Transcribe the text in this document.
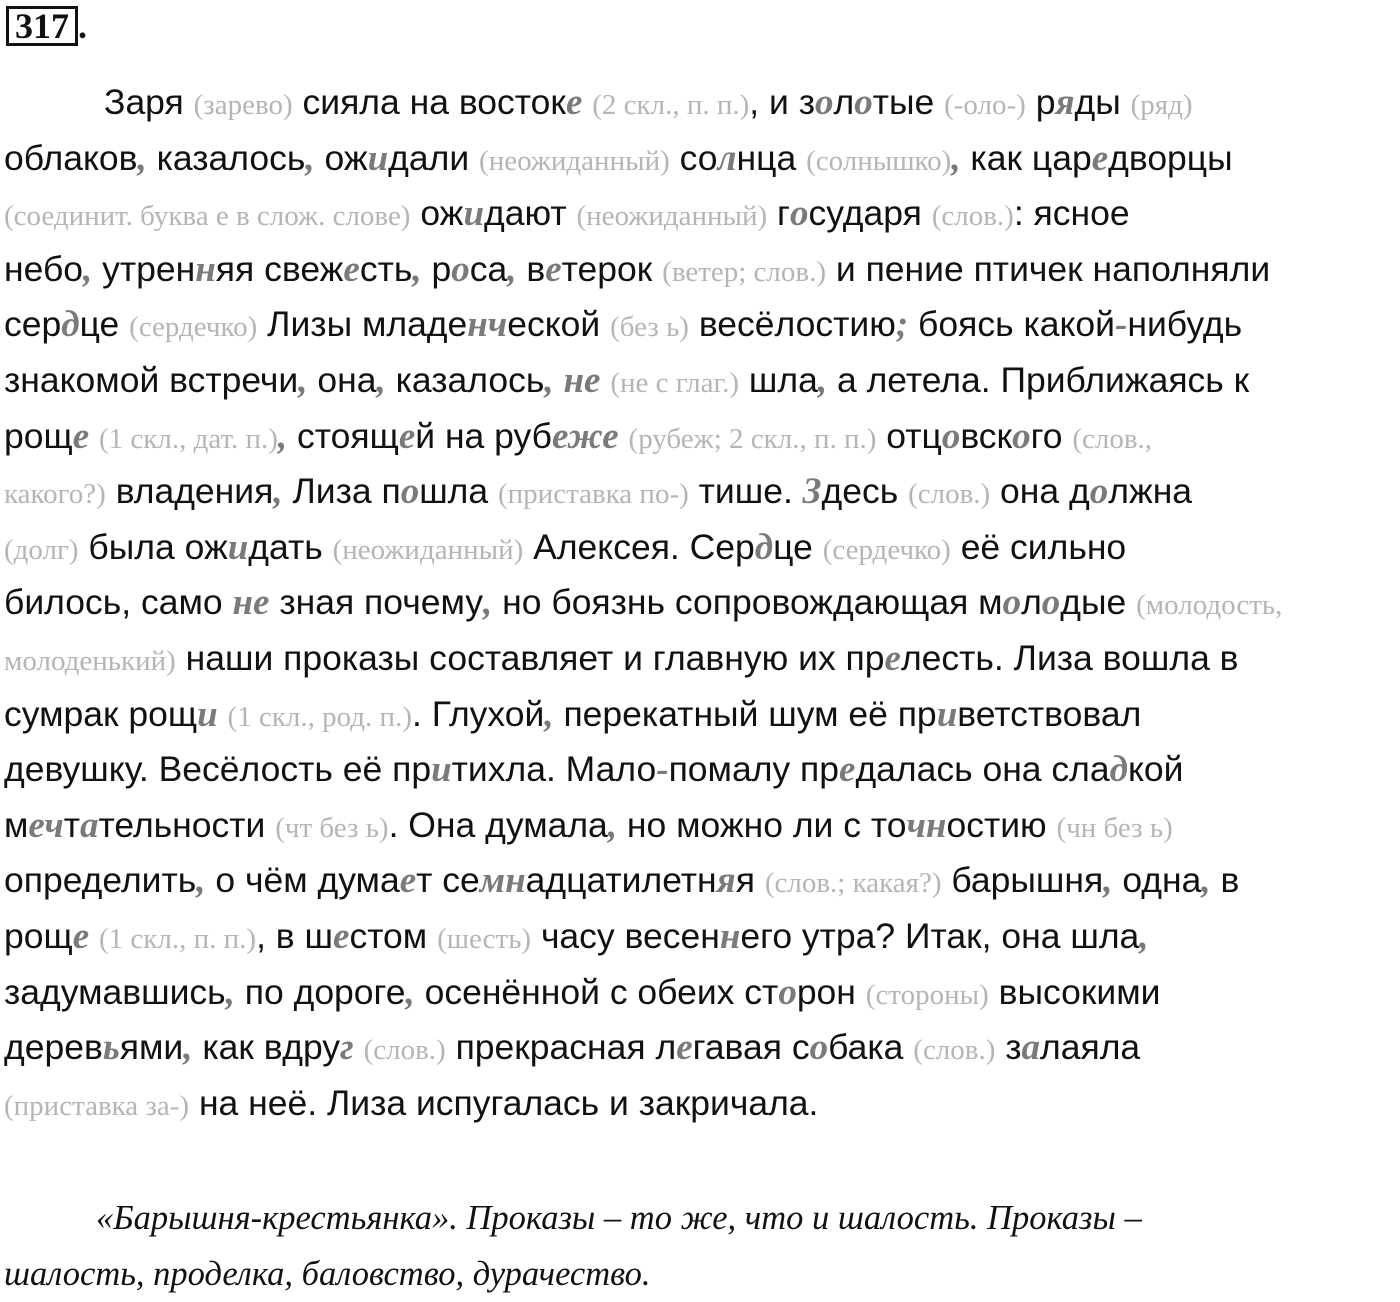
317 .
Заря (зарево) сияла на востоке (2 скл., п. п.), и золотые (-оло-) ряды (ряд)
облаков, казалось, ожидали (неожиданный) солнца (солнышко), как царедворцы
(соединит. буква е в слож. слове) ожидают (неожиданный) государя (слов.): ясное
небо, утренняя свежесть, роса, ветерок (ветер; слов.) и пение птичек наполняли
сердце (сердечко) Лизы младенческой (без ь) весёлостию; боясь какой-нибудь
знакомой встречи, она, казалось, не (не с глаг.) шла, а летела. Приближаясь к
роще (1 скл., дат. п.), стоящей на рубеже (рубеж; 2 скл., п. п.) отцовского (слов.,
какого?) владения, Лиза пошла (приставка по-) тише. Здесь (слов.) она должна
(долг) была ожидать (неожиданный) Алексея. Сердце (сердечко) её сильно
билось, само не зная почему, но боязнь сопровождающая молодые (молодость,
молоденький) наши проказы составляет и главную их прелесть. Лиза вошла в
сумрак рощи (1 скл., род. п.). Глухой, перекатный шум её приветствовал
девушку. Весёлость её притихла. Мало-помалу предалась она сладкой
мечтательности (чт без ь). Она думала, но можно ли с точностию (чн без ь)
определить, о чём думает семнадцатилетняя (слов.; какая?) барышня, одна, в
роще (1 скл., п. п.), в шестом (шесть) часу весеннего утра? Итак, она шла,
задумавшись, по дороге, осенённой с обеих сторон (стороны) высокими
деревьями, как вдруг (слов.) прекрасная легавая собака (слов.) залаяла
(приставка за-) на неё. Лиза испугалась и закричала.
«Барышня-крестьянка». Проказы – то же, что и шалость. Проказы –
шалость, проделка, баловство, дурачество.
